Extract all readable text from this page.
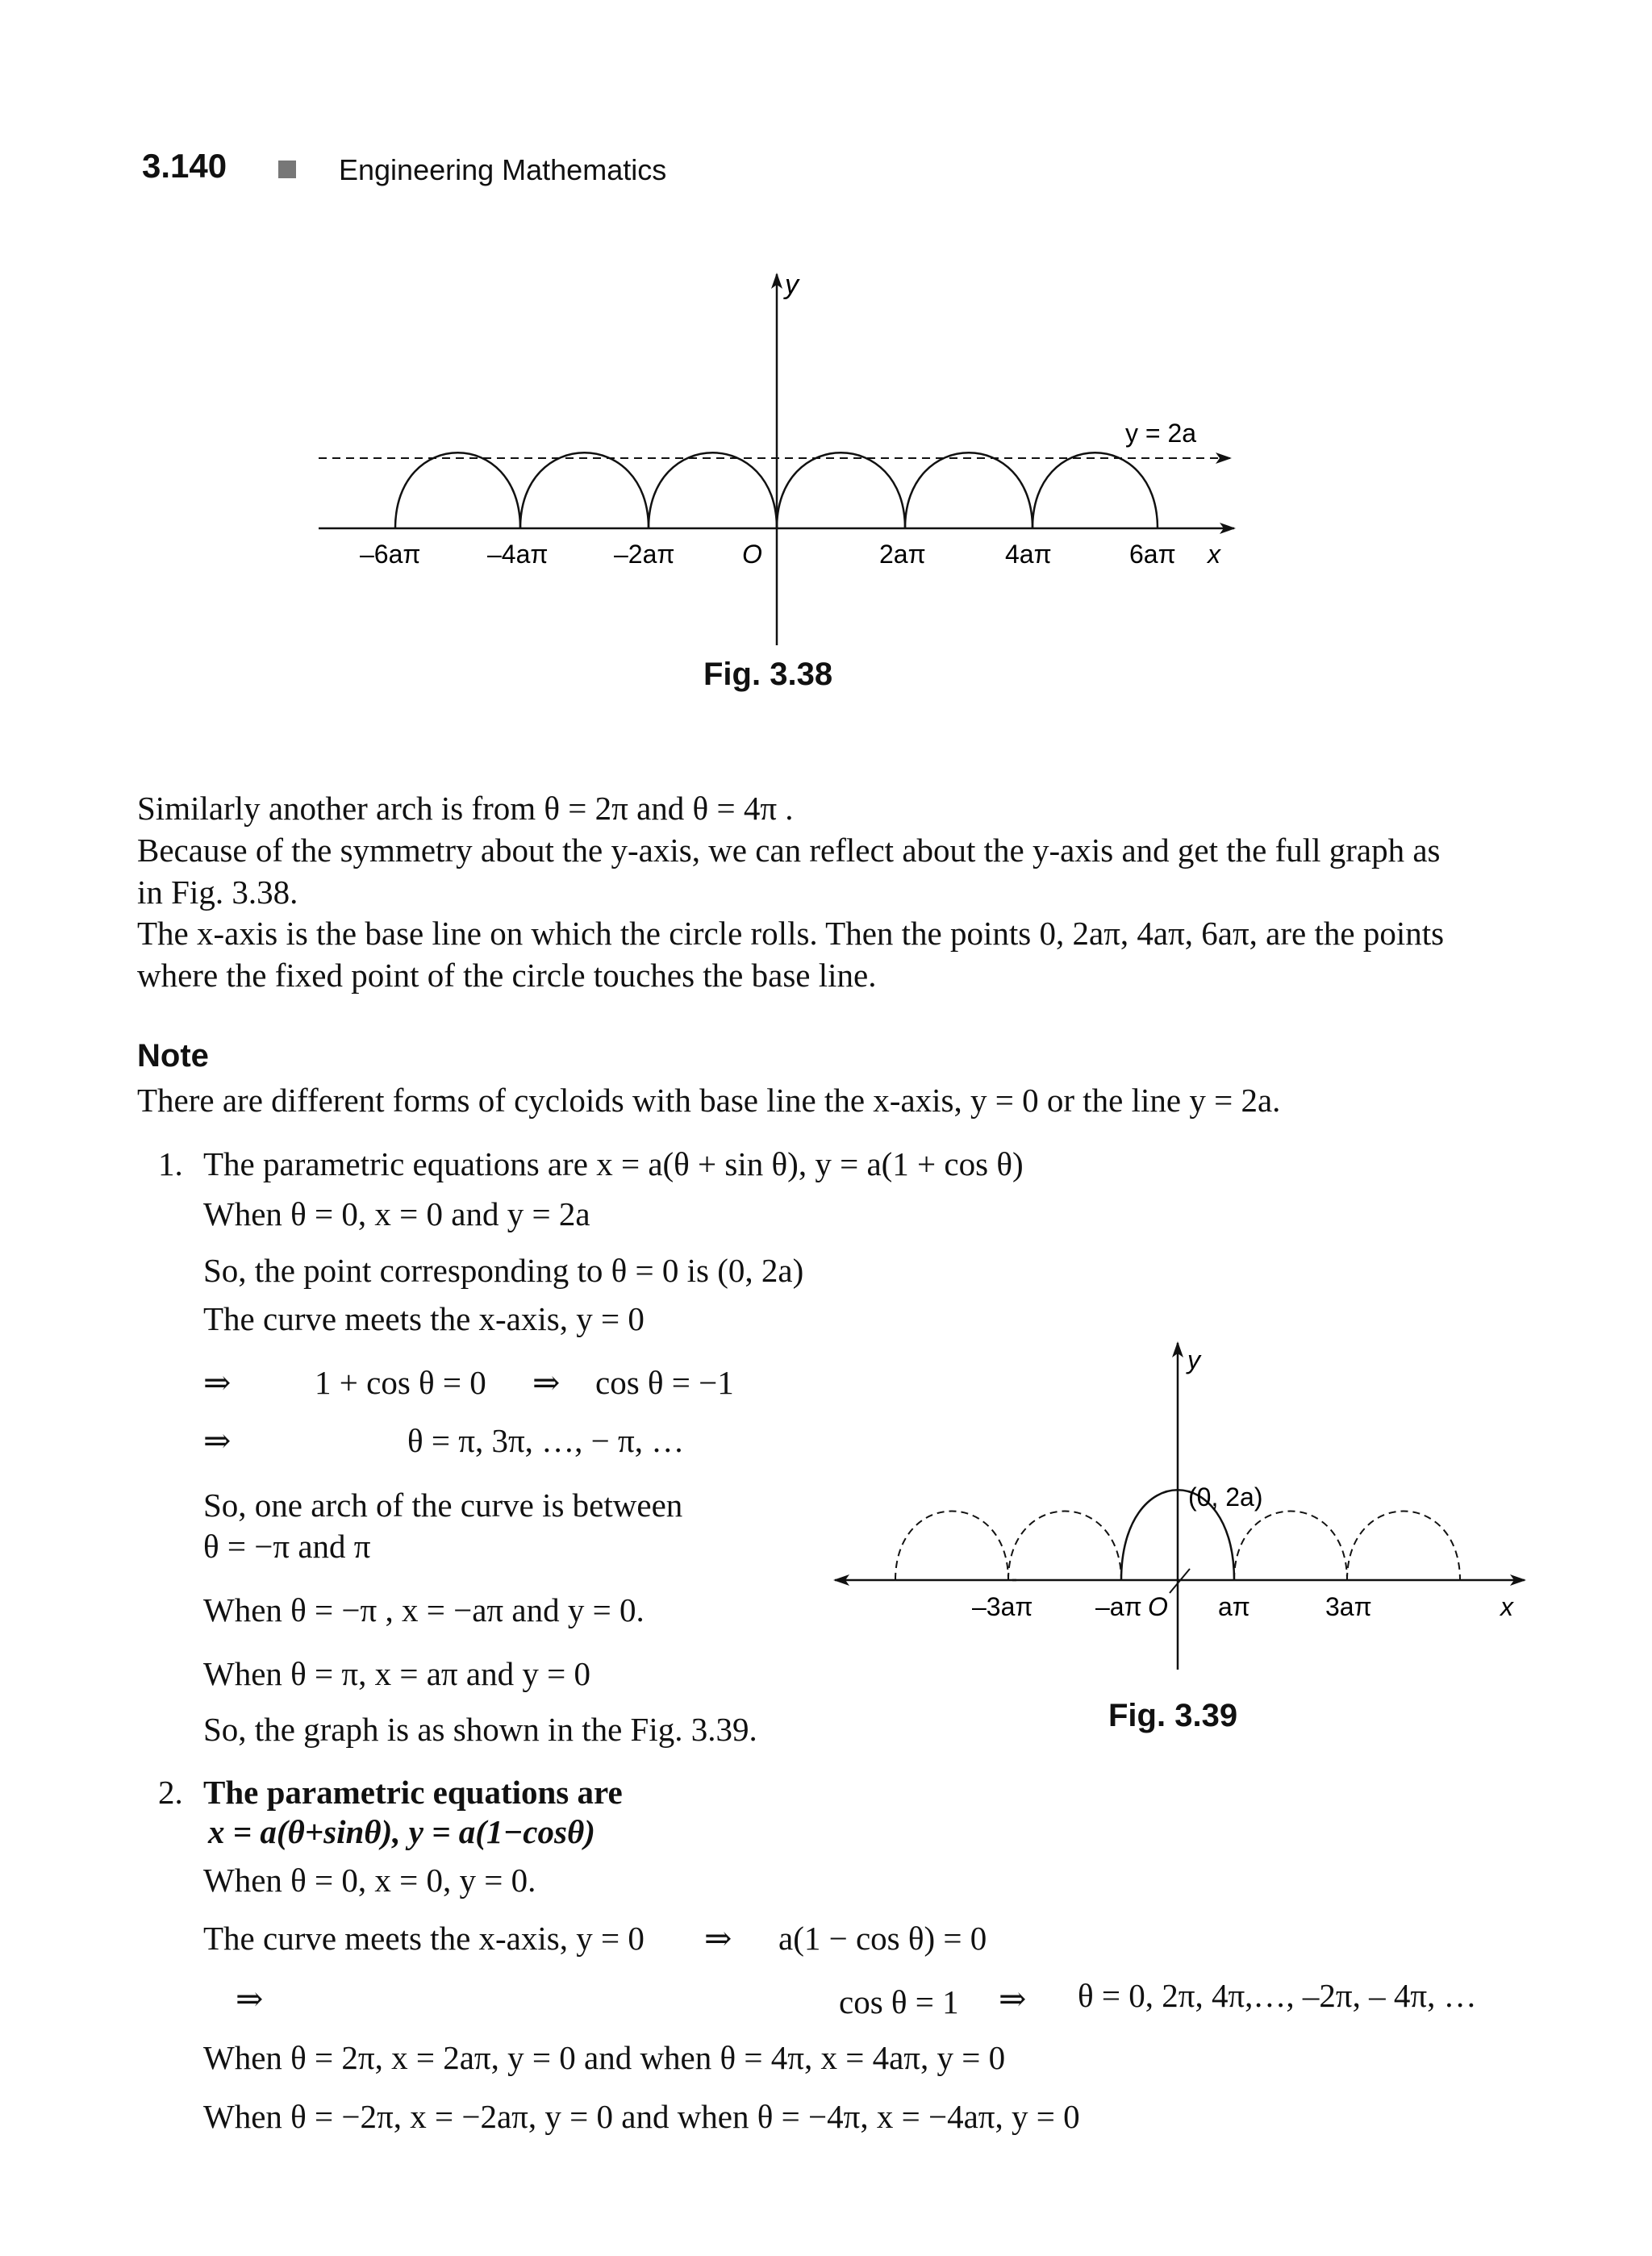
3.140	Engineering Mathematics
y
y = 2a
–6aπ	–4aπ	–2aπ	O	2aπ	4aπ	6aπ x
Fig. 3.38
Similarly another arch is from θ = 2π and θ = 4π .
Because of the symmetry about the y-axis, we can reflect about the y-axis and get the full graph as
in Fig. 3.38.
The x-axis is the base line on which the circle rolls. Then the points 0, 2aπ, 4aπ, 6aπ, are the points
where the fixed point of the circle touches the base line.
Note
There are different forms of cycloids with base line the x-axis, y = 0 or the line y = 2a.
1. The parametric equations are x = a(θ + sin θ), y = a(1 + cos θ)
When θ = 0, x = 0 and y = 2a
So, the point corresponding to θ = 0 is (0, 2a)
The curve meets the x-axis, y = 0
⇒	1 + cos θ = 0 ⇒ cos θ = −1
⇒	θ = π, 3π, …, − π, …
So, one arch of the curve is between
θ = −π and π
When θ = −π , x = −aπ and y = 0.
When θ = π, x = aπ and y = 0
So, the graph is as shown in the Fig. 3.39.
y
(0, 2a)
–3aπ –aπ O aπ	3aπ	x
Fig. 3.39
2. The parametric equations are
x = a(θ+sinθ), y = a(1−cosθ)
When θ = 0, x = 0, y = 0.
The curve meets the x-axis, y = 0 ⇒ a(1 − cos θ) = 0
⇒	cos θ = 1 ⇒ θ = 0, 2π, 4π,…, –2π, – 4π, …
When θ = 2π, x = 2aπ, y = 0 and when θ = 4π, x = 4aπ, y = 0
When θ = −2π, x = −2aπ, y = 0 and when θ = −4π, x = −4aπ, y = 0
